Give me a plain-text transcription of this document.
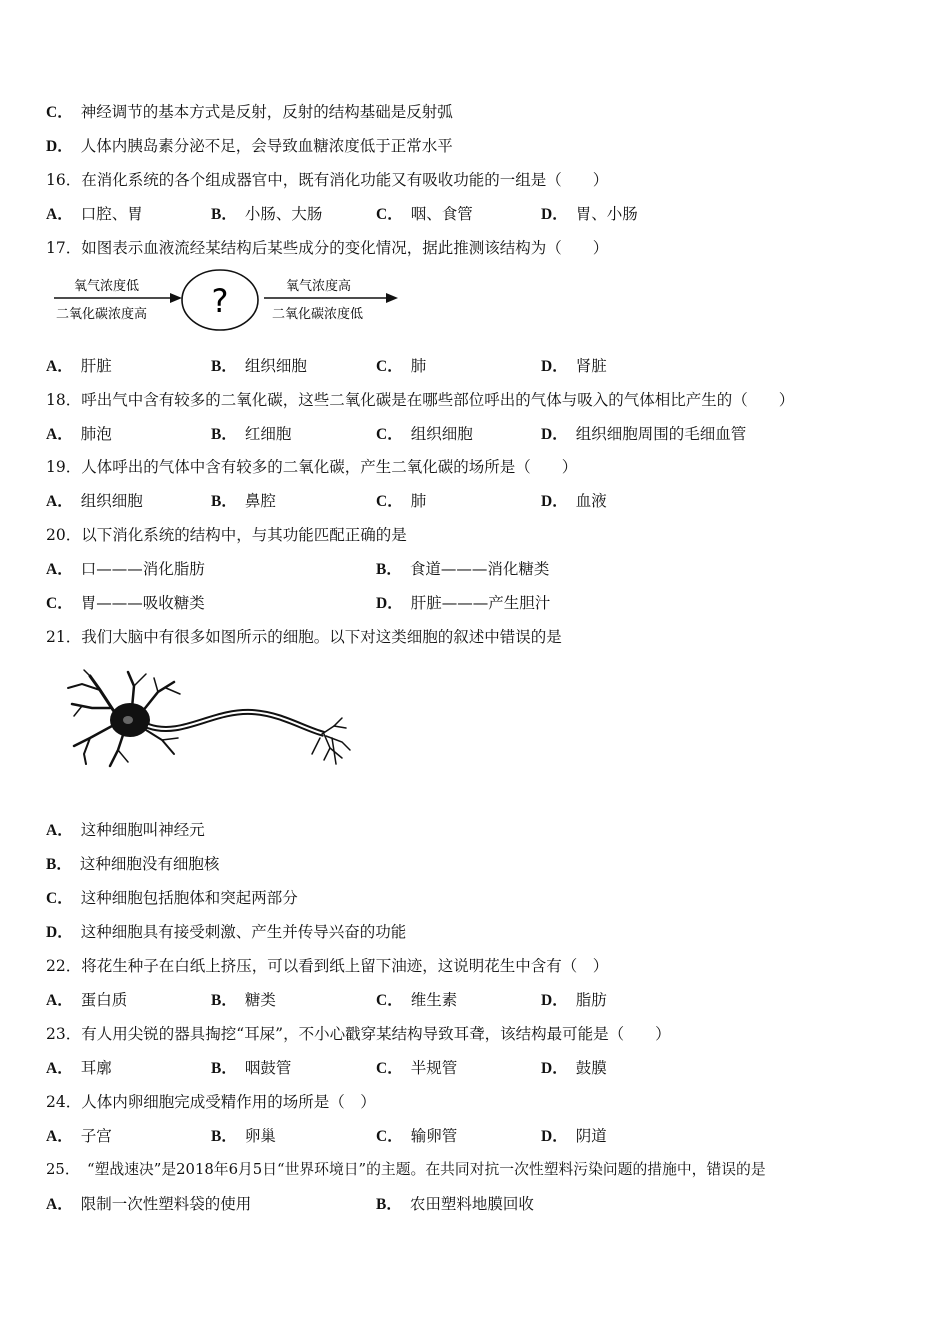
C． 神经调节的基本方式是反射，反射的结构基础是反射弧
D． 人体内胰岛素分泌不足，会导致血糖浓度低于正常水平
16．在消化系统的各个组成器官中，既有消化功能又有吸收功能的一组是（　　）
A． 口腔、胃	B． 小肠、大肠	C． 咽、食管	D． 胃、小肠
17．如图表示血液流经某结构后某些成分的变化情况，据此推测该结构为（　　）
氧气浓度低
二氧化碳浓度高 ?	氧气浓度高
二氧化碳浓度低
A． 肝脏	B． 组织细胞	C． 肺	D． 肾脏
18．呼出气中含有较多的二氧化碳，这些二氧化碳是在哪些部位呼出的气体与吸入的气体相比产生的（　　）
A． 肺泡	B． 红细胞	C． 组织细胞	D． 组织细胞周围的毛细血管
19．人体呼出的气体中含有较多的二氧化碳，产生二氧化碳的场所是（　　）
A． 组织细胞	B． 鼻腔	C． 肺	D． 血液
20．以下消化系统的结构中，与其功能匹配正确的是
A． 口———消化脂肪	B． 食道———消化糖类
C． 胃———吸收糖类	D． 肝脏———产生胆汁
21．我们大脑中有很多如图所示的细胞。以下对这类细胞的叙述中错误的是
A． 这种细胞叫神经元
B． 这种细胞没有细胞核
C． 这种细胞包括胞体和突起两部分
D． 这种细胞具有接受刺激、产生并传导兴奋的功能
22．将花生种子在白纸上挤压，可以看到纸上留下油迹，这说明花生中含有（　）
A． 蛋白质	B． 糖类	C． 维生素	D． 脂肪
23．有人用尖锐的器具掏挖“耳屎”，不小心戳穿某结构导致耳聋，该结构最可能是（　　）
A． 耳廓	B． 咽鼓管	C． 半规管	D． 鼓膜
24．人体内卵细胞完成受精作用的场所是（　）
A． 子宫	B． 卵巢	C． 输卵管	D． 阴道
25．　“塑战速决”是2018年6月5日“世界环境日”的主题。在共同对抗一次性塑料污染问题的措施中，错误的是
A． 限制一次性塑料袋的使用	B． 农田塑料地膜回收
